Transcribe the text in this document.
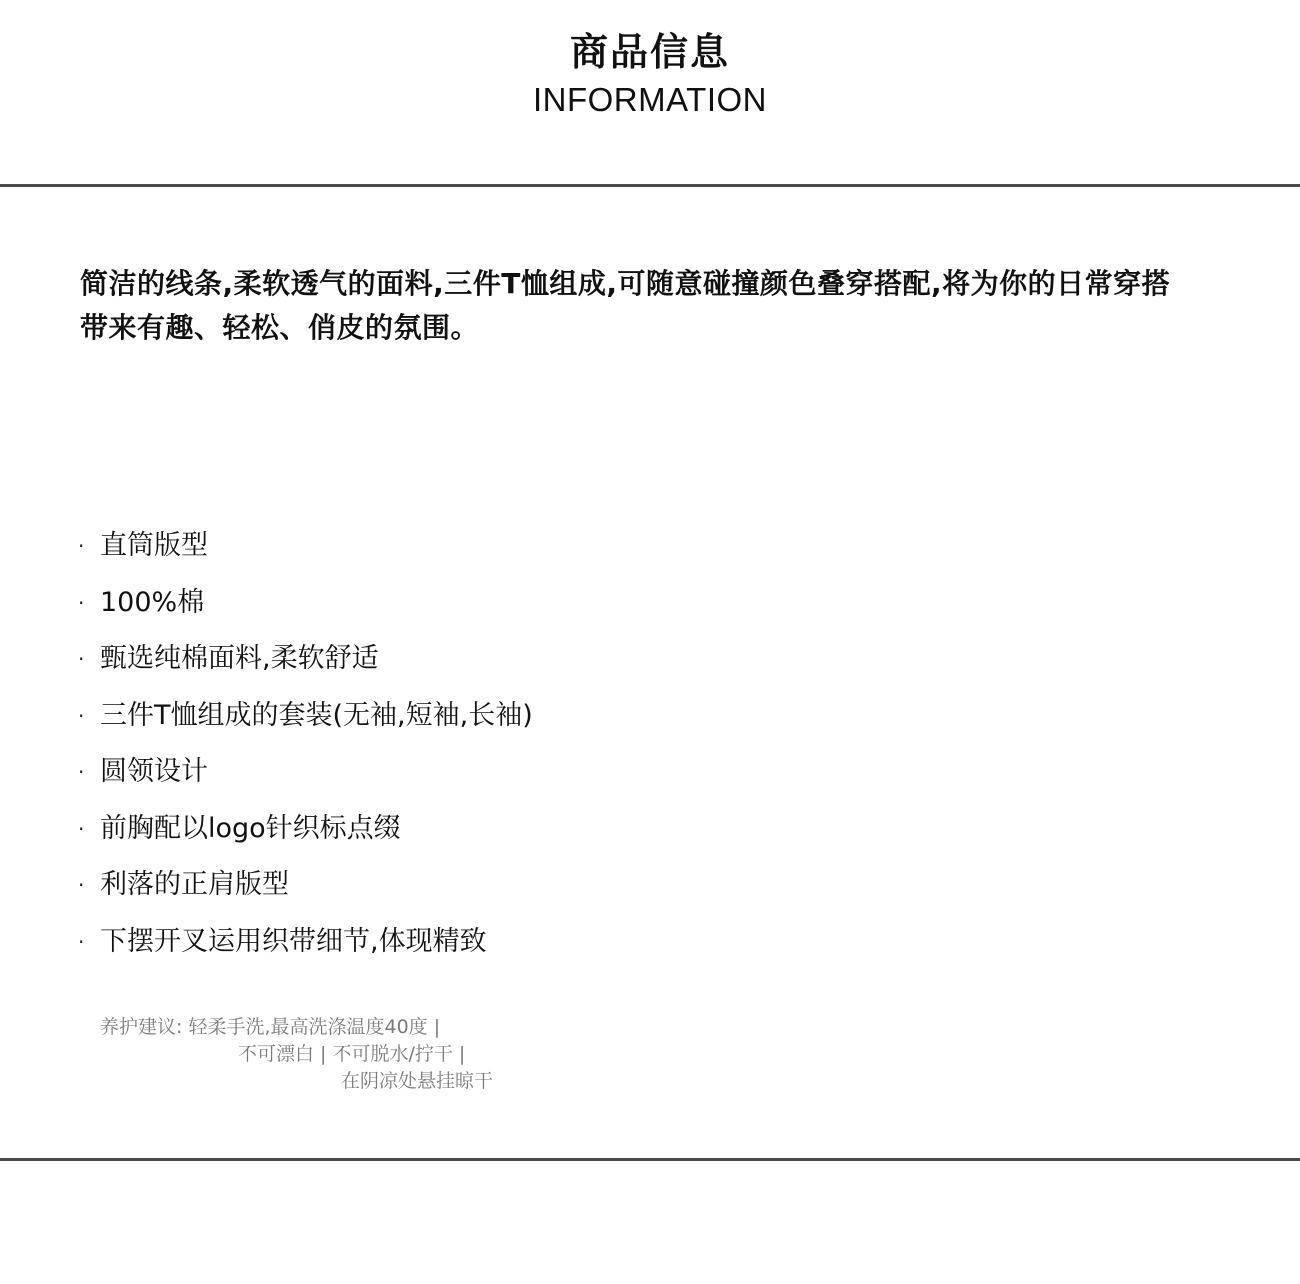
商品信息
INFORMATION
简洁的线条,柔软透气的面料,三件T恤组成,可随意碰撞颜色叠穿搭配,将为你的日常穿搭
带来有趣、轻松、俏皮的氛围。
· 直筒版型
· 100%棉
· 甄选纯棉面料,柔软舒适
· 三件T恤组成的套装(无袖,短袖,长袖)
· 圆领设计
· 前胸配以logo针织标点缀
· 利落的正肩版型
· 下摆开叉运用织带细节,体现精致
养护建议: 轻柔手洗,最高洗涤温度40度 |
不可漂白 | 不可脱水/拧干 |
在阴凉处悬挂晾干
